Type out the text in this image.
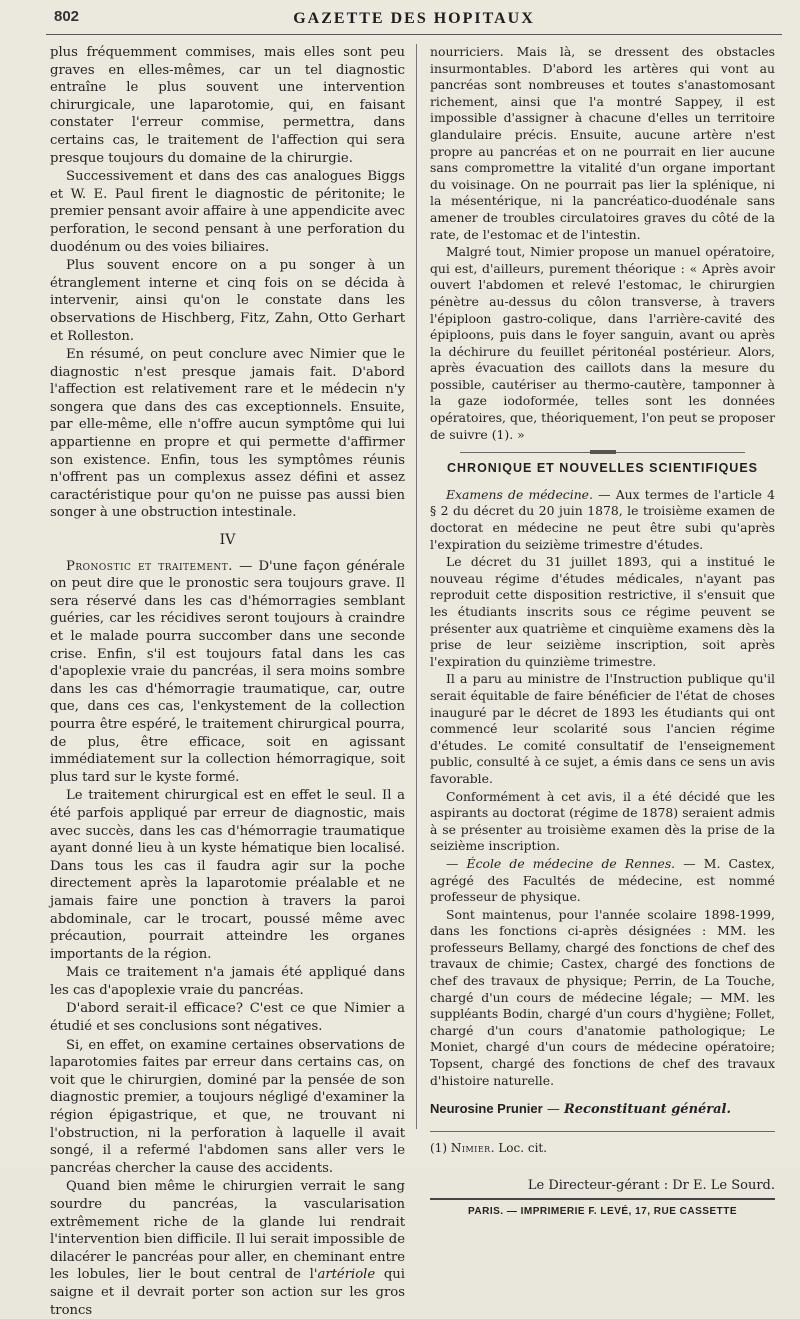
802	GAZETTE DES HOPITAUX

plus fréquemment commises, mais elles sont peu graves en elles-mêmes, car un tel diagnostic entraîne le plus souvent une intervention chirurgicale, une laparotomie, qui, en faisant constater l'erreur commise, permettra, dans certains cas, le traitement de l'affection qui sera presque toujours du domaine de la chirurgie.

Successivement et dans des cas analogues Biggs et W. E. Paul firent le diagnostic de péritonite; le premier pensant avoir affaire à une appendicite avec perforation, le second pensant à une perforation du duodénum ou des voies biliaires.

Plus souvent encore on a pu songer à un étranglement interne et cinq fois on se décida à intervenir, ainsi qu'on le constate dans les observations de Hischberg, Fitz, Zahn, Otto Gerhart et Rolleston.

En résumé, on peut conclure avec Nimier que le diagnostic n'est presque jamais fait. D'abord l'affection est relativement rare et le médecin n'y songera que dans des cas exceptionnels. Ensuite, par elle-même, elle n'offre aucun symptôme qui lui appartienne en propre et qui permette d'affirmer son existence. Enfin, tous les symptômes réunis n'offrent pas un complexus assez défini et assez caractéristique pour qu'on ne puisse pas aussi bien songer à une obstruction intestinale.

IV

Pronostic et traitement. — D'une façon générale on peut dire que le pronostic sera toujours grave. Il sera réservé dans les cas d'hémorragies semblant guéries, car les récidives seront toujours à craindre et le malade pourra succomber dans une seconde crise. Enfin, s'il est toujours fatal dans les cas d'apoplexie vraie du pancréas, il sera moins sombre dans les cas d'hémorragie traumatique, car, outre que, dans ces cas, l'enkystement de la collection pourra être espéré, le traitement chirurgical pourra, de plus, être efficace, soit en agissant immédiatement sur la collection hémorragique, soit plus tard sur le kyste formé.

Le traitement chirurgical est en effet le seul. Il a été parfois appliqué par erreur de diagnostic, mais avec succès, dans les cas d'hémorragie traumatique ayant donné lieu à un kyste hématique bien localisé. Dans tous les cas il faudra agir sur la poche directement après la laparotomie préalable et ne jamais faire une ponction à travers la paroi abdominale, car le trocart, poussé même avec précaution, pourrait atteindre les organes importants de la région.

Mais ce traitement n'a jamais été appliqué dans les cas d'apoplexie vraie du pancréas.

D'abord serait-il efficace? C'est ce que Nimier a étudié et ses conclusions sont négatives.

Si, en effet, on examine certaines observations de laparotomies faites par erreur dans certains cas, on voit que le chirurgien, dominé par la pensée de son diagnostic premier, a toujours négligé d'examiner la région épigastrique, et que, ne trouvant ni l'obstruction, ni la perforation à laquelle il avait songé, il a refermé l'abdomen sans aller vers le pancréas chercher la cause des accidents.

Quand bien même le chirurgien verrait le sang sourdre du pancréas, la vascularisation extrêmement riche de la glande lui rendrait l'intervention bien difficile. Il lui serait impossible de dilacérer le pancréas pour aller, en cheminant entre les lobules, lier le bout central de l'artériole qui saigne et il devrait porter son action sur les gros troncs

nourriciers. Mais là, se dressent des obstacles insurmontables. D'abord les artères qui vont au pancréas sont nombreuses et toutes s'anastomosant richement, ainsi que l'a montré Sappey, il est impossible d'assigner à chacune d'elles un territoire glandulaire précis. Ensuite, aucune artère n'est propre au pancréas et on ne pourrait en lier aucune sans compromettre la vitalité d'un organe important du voisinage. On ne pourrait pas lier la splénique, ni la mésentérique, ni la pancréatico-duodénale sans amener de troubles circulatoires graves du côté de la rate, de l'estomac et de l'intestin.

Malgré tout, Nimier propose un manuel opératoire, qui est, d'ailleurs, purement théorique : « Après avoir ouvert l'abdomen et relevé l'estomac, le chirurgien pénètre au-dessus du côlon transverse, à travers l'épiploon gastro-colique, dans l'arrière-cavité des épiploons, puis dans le foyer sanguin, avant ou après la déchirure du feuillet péritonéal postérieur. Alors, après évacuation des caillots dans la mesure du possible, cautériser au thermo-cautère, tamponner à la gaze iodoformée, telles sont les données opératoires, que, théoriquement, l'on peut se proposer de suivre (1). »

CHRONIQUE ET NOUVELLES SCIENTIFIQUES

Examens de médecine. — Aux termes de l'article 4 § 2 du décret du 20 juin 1878, le troisième examen de doctorat en médecine ne peut être subi qu'après l'expiration du seizième trimestre d'études.

Le décret du 31 juillet 1893, qui a institué le nouveau régime d'études médicales, n'ayant pas reproduit cette disposition restrictive, il s'ensuit que les étudiants inscrits sous ce régime peuvent se présenter aux quatrième et cinquième examens dès la prise de leur seizième inscription, soit après l'expiration du quinzième trimestre.

Il a paru au ministre de l'Instruction publique qu'il serait équitable de faire bénéficier de l'état de choses inauguré par le décret de 1893 les étudiants qui ont commencé leur scolarité sous l'ancien régime d'études. Le comité consultatif de l'enseignement public, consulté à ce sujet, a émis dans ce sens un avis favorable.

Conformément à cet avis, il a été décidé que les aspirants au doctorat (régime de 1878) seraient admis à se présenter au troisième examen dès la prise de la seizième inscription.

— École de médecine de Rennes. — M. Castex, agrégé des Facultés de médecine, est nommé professeur de physique.

Sont maintenus, pour l'année scolaire 1898-1999, dans les fonctions ci-après désignées : MM. les professeurs Bellamy, chargé des fonctions de chef des travaux de chimie; Castex, chargé des fonctions de chef des travaux de physique; Perrin, de La Touche, chargé d'un cours de médecine légale; — MM. les suppléants Bodin, chargé d'un cours d'hygiène; Follet, chargé d'un cours d'anatomie pathologique; Le Moniet, chargé d'un cours de médecine opératoire; Topsent, chargé des fonctions de chef des travaux d'histoire naturelle.

Neurosine Prunier — Reconstituant général.

(1) Nimier. Loc. cit.

Le Directeur-gérant : Dr E. Le Sourd.

PARIS. — IMPRIMERIE F. LEVÉ, 17, RUE CASSETTE
